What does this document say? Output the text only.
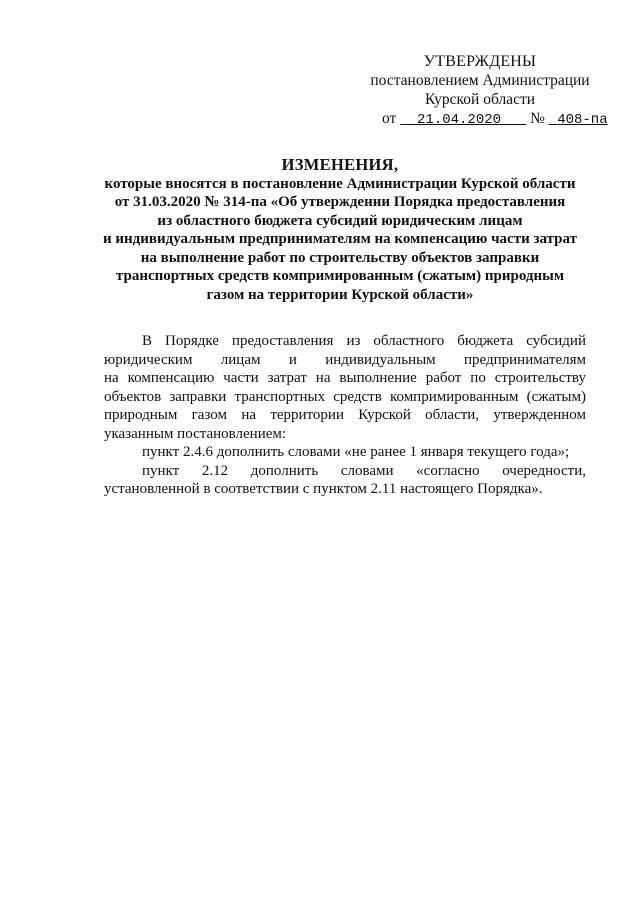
УТВЕРЖДЕНЫ
постановлением Администрации
Курской области
от 21.04.2020 № 408-па
ИЗМЕНЕНИЯ,
которые вносятся в постановление Администрации Курской области
от 31.03.2020 № 314-па «Об утверждении Порядка предоставления
из областного бюджета субсидий юридическим лицам
и индивидуальным предпринимателям на компенсацию части затрат
на выполнение работ по строительству объектов заправки
транспортных средств компримированным (сжатым) природным
газом на территории Курской области»
В Порядке предоставления из областного бюджета субсидий
юридическим лицам и индивидуальным предпринимателям
на компенсацию части затрат на выполнение работ по строительству
объектов заправки транспортных средств компримированным (сжатым)
природным газом на территории Курской области, утвержденном
указанным постановлением:
пункт 2.4.6 дополнить словами «не ранее 1 января текущего года»;
пункт 2.12 дополнить словами «согласно очередности,
установленной в соответствии с пунктом 2.11 настоящего Порядка».
